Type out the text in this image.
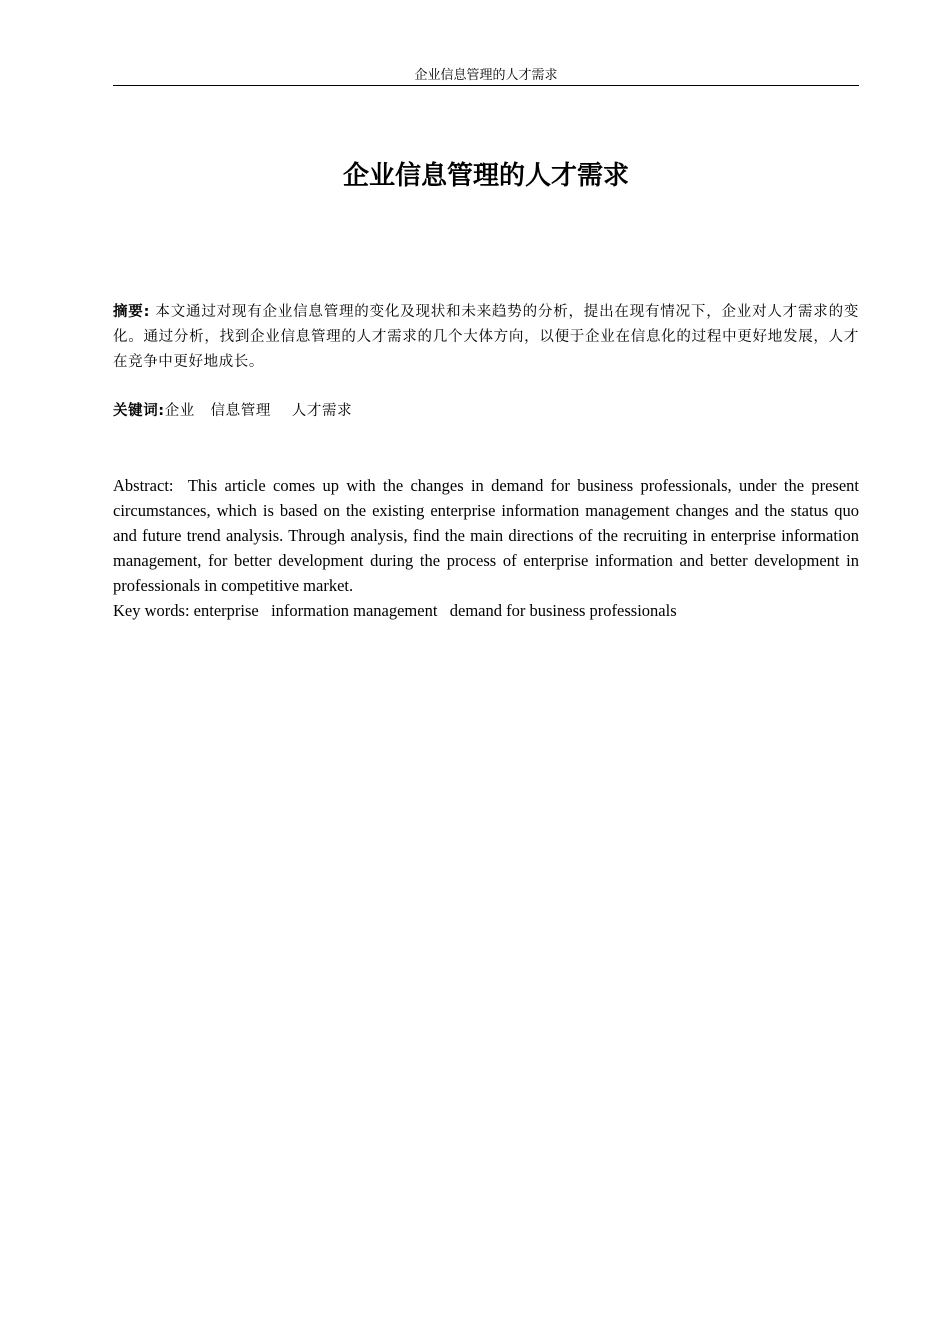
企业信息管理的人才需求
企业信息管理的人才需求

摘要: 本文通过对现有企业信息管理的变化及现状和未来趋势的分析，提出在现有情况下，企业对人才需求的变化。通过分析，找到企业信息管理的人才需求的几个大体方向，以便于企业在信息化的过程中更好地发展，人才在竞争中更好地成长。

关键词:企业   信息管理    人才需求

Abstract: This article comes up with the changes in demand for business professionals, under the present circumstances, which is based on the existing enterprise information management changes and the status quo and future trend analysis. Through analysis, find the main directions of the recruiting in enterprise information management, for better development during the process of enterprise information and better development in professionals in competitive market.

Key words: enterprise   information management   demand for business professionals
